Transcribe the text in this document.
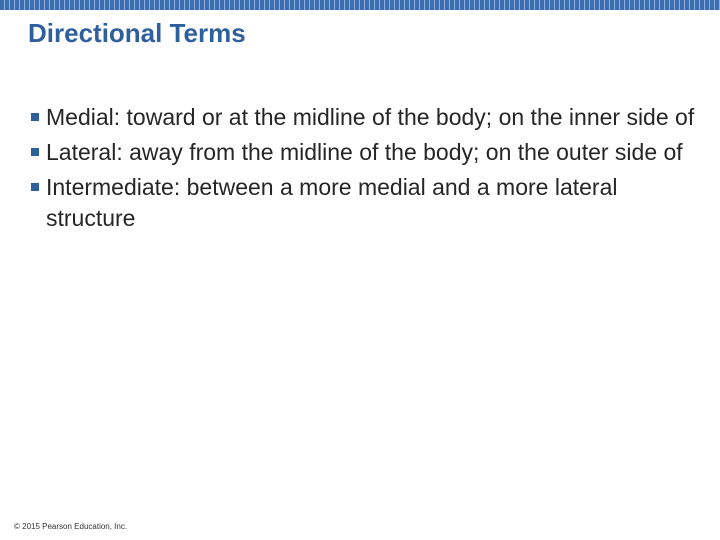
Directional Terms
Medial: toward or at the midline of the body; on the inner side of
Lateral: away from the midline of the body; on the outer side of
Intermediate: between a more medial and a more lateral structure
© 2015 Pearson Education, Inc.
